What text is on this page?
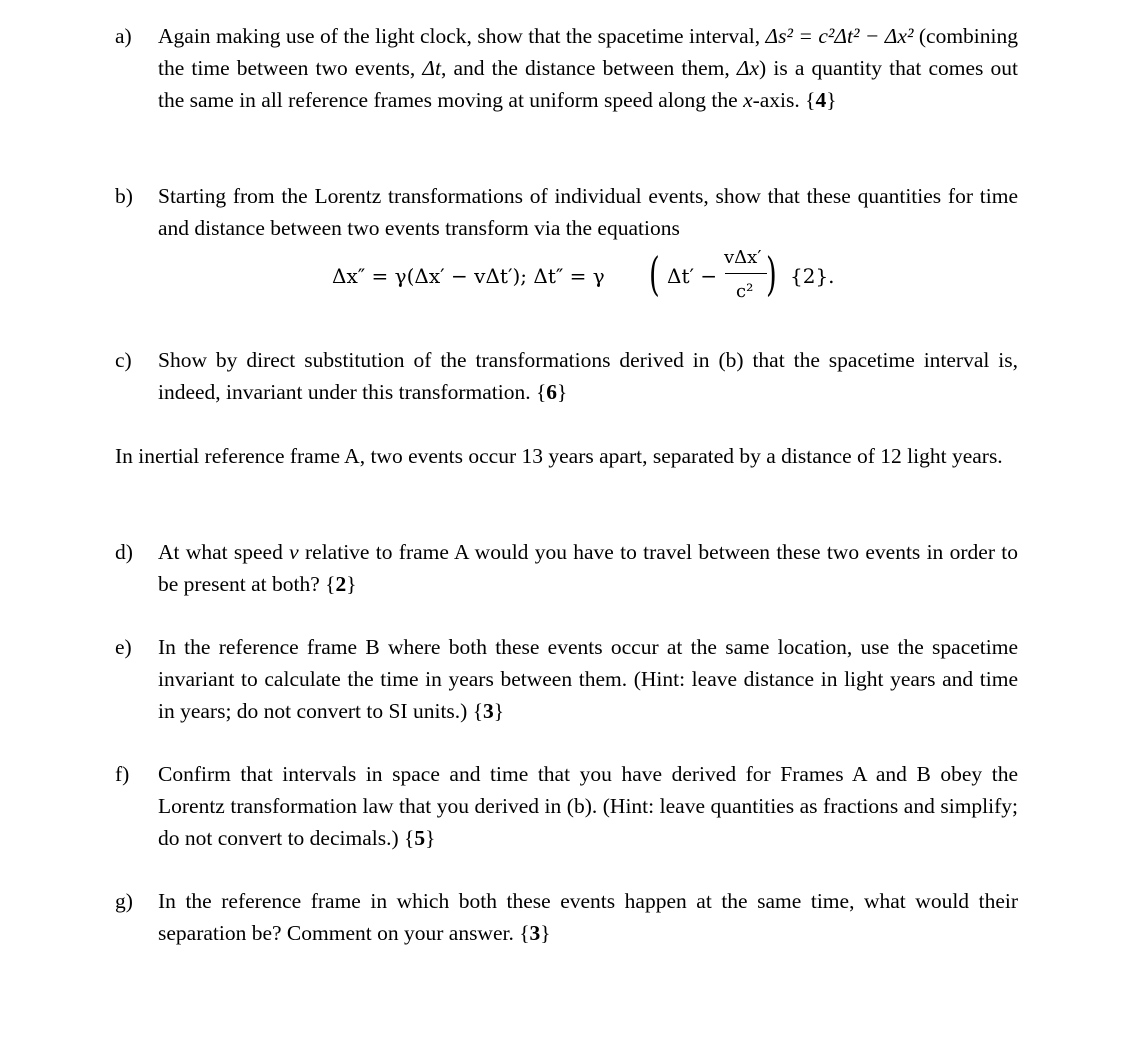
a)	Again making use of the light clock, show that the spacetime interval, Δs² = c²Δt² − Δx² (combining the time between two events, Δt, and the distance between them, Δx) is a quantity that comes out the same in all reference frames moving at uniform speed along the x-axis. {4}
b)	Starting from the Lorentz transformations of individual events, show that these quantities for time and distance between two events transform via the equations
Δx″ = γ(Δx′ − vΔt′); Δt″ = γ ( Δt′ −
vΔx′
c² ) {2}.
c)	Show by direct substitution of the transformations derived in (b) that the spacetime interval is, indeed, invariant under this transformation. {6}
In inertial reference frame A, two events occur 13 years apart, separated by a distance of 12 light years.
d)	At what speed v relative to frame A would you have to travel between these two events in order to be present at both? {2}
e)	In the reference frame B where both these events occur at the same location, use the spacetime invariant to calculate the time in years between them. (Hint: leave distance in light years and time in years; do not convert to SI units.) {3}
f)	Confirm that intervals in space and time that you have derived for Frames A and B obey the Lorentz transformation law that you derived in (b). (Hint: leave quantities as fractions and simplify; do not convert to decimals.) {5}
g)	In the reference frame in which both these events happen at the same time, what would their separation be? Comment on your answer. {3}
